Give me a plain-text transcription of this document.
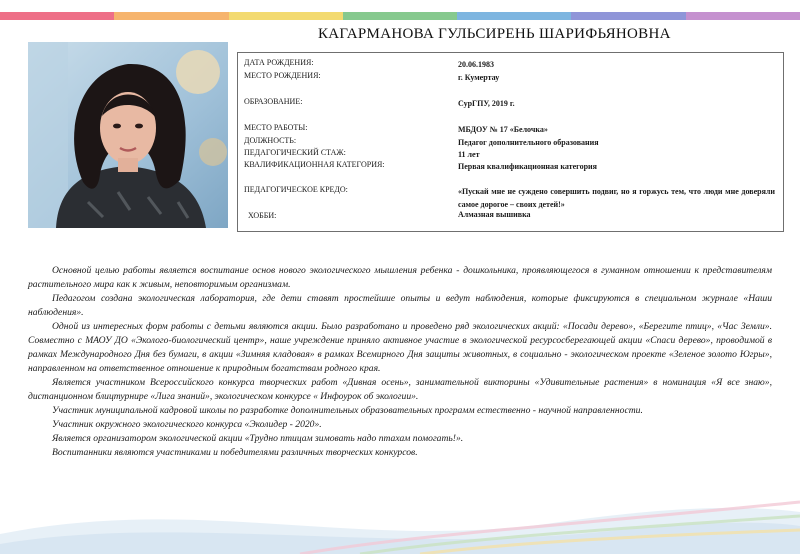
КАГАРМАНОВА ГУЛЬСИРЕНЬ ШАРИФЬЯНОВНА
ДАТА РОЖДЕНИЯ:	20.06.1983
МЕСТО РОЖДЕНИЯ:	г. Кумертау
ОБРАЗОВАНИЕ:	СурГПУ, 2019 г.
МЕСТО РАБОТЫ:	МБДОУ № 17 «Белочка»
ДОЛЖНОСТЬ:	Педагог дополнительного образования
ПЕДАГОГИЧЕСКИЙ СТАЖ:	11 лет
КВАЛИФИКАЦИОННАЯ КАТЕГОРИЯ:	Первая квалификационная категория
ПЕДАГОГИЧЕСКОЕ КРЕДО:	«Пускай мне не суждено совершить подвиг, но я горжусь тем, что люди мне доверяли самое дорогое – своих детей!»
ХОББИ:	Алмазная вышивка

Основной целью работы является воспитание основ нового экологического мышления ребенка - дошкольника, проявляющегося в гуманном отношении к представителям растительного мира как к живым, неповторимым организмам.

Педагогом создана экологическая лаборатория, где дети ставят простейшие опыты и ведут наблюдения, которые фиксируются в специальном журнале «Наши наблюдения».

Одной из интересных форм работы с детьми являются акции. Было разработано и проведено ряд экологических акций: «Посади дерево», «Берегите птиц», «Час Земли». Совместно с МАОУ ДО «Эколого-биологический центр», наше учреждение приняло активное участие в экологической ресурсосберегающей акции «Спаси дерево», проводимой в рамках Международного Дня без бумаги, в акции «Зимняя кладовая» в рамках Всемирного Дня защиты животных, в социально - экологическом проекте «Зеленое золото Югры», направленном на ответственное отношение к природным богатствам родного края.

Является участником Всероссийского конкурса творческих работ «Дивная осень», занимательной викторины «Удивительные растения» в номинация «Я все знаю», дистанционном блицтурнире «Лига знаний», экологическом конкурсе « Инфоурок об экологии».

Участник муниципальной кадровой школы по разработке дополнительных образовательных программ естественно - научной направленности.

Участник окружного экологического конкурса «Эколидер - 2020».

Является организатором экологической акции «Трудно птицам зимовать надо птахам помогать!».

Воспитанники являются участниками и победителями различных творческих конкурсов.
